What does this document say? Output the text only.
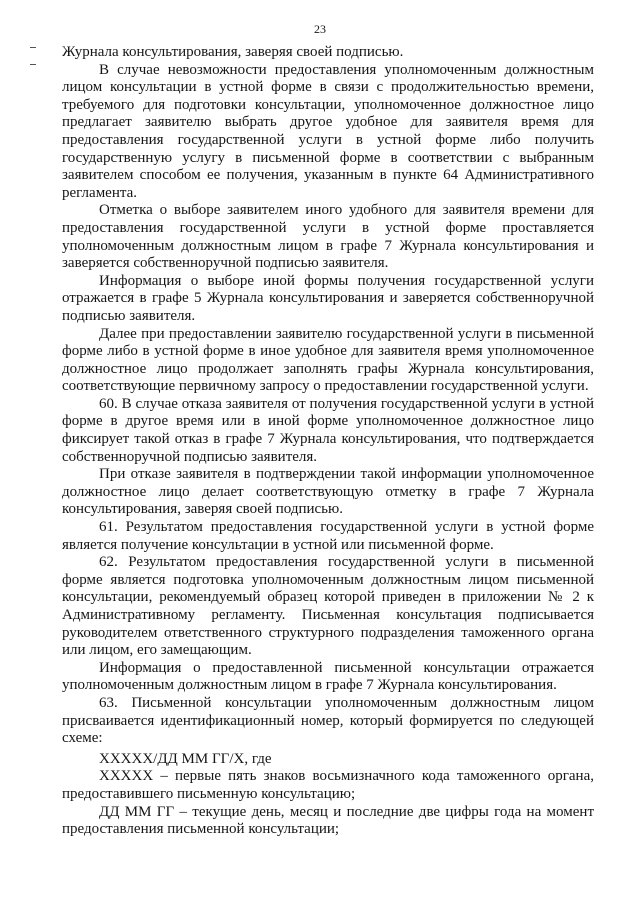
23

Журнала консультирования, заверяя своей подписью.

В случае невозможности предоставления уполномоченным должностным лицом консультации в устной форме в связи с продолжительностью времени, требуемого для подготовки консультации, уполномоченное должностное лицо предлагает заявителю выбрать другое удобное для заявителя время для предоставления государственной услуги в устной форме либо получить государственную услугу в письменной форме в соответствии с выбранным заявителем способом ее получения, указанным в пункте 64 Административного регламента.

Отметка о выборе заявителем иного удобного для заявителя времени для предоставления государственной услуги в устной форме проставляется уполномоченным должностным лицом в графе 7 Журнала консультирования и заверяется собственноручной подписью заявителя.

Информация о выборе иной формы получения государственной услуги отражается в графе 5 Журнала консультирования и заверяется собственноручной подписью заявителя.

Далее при предоставлении заявителю государственной услуги в письменной форме либо в устной форме в иное удобное для заявителя время уполномоченное должностное лицо продолжает заполнять графы Журнала консультирования, соответствующие первичному запросу о предоставлении государственной услуги.

60. В случае отказа заявителя от получения государственной услуги в устной форме в другое время или в иной форме уполномоченное должностное лицо фиксирует такой отказ в графе 7 Журнала консультирования, что подтверждается собственноручной подписью заявителя.

При отказе заявителя в подтверждении такой информации уполномоченное должностное лицо делает соответствующую отметку в графе 7 Журнала консультирования, заверяя своей подписью.

61. Результатом предоставления государственной услуги в устной форме является получение консультации в устной или письменной форме.

62. Результатом предоставления государственной услуги в письменной форме является подготовка уполномоченным должностным лицом письменной консультации, рекомендуемый образец которой приведен в приложении № 2 к Административному регламенту. Письменная консультация подписывается руководителем ответственного структурного подразделения таможенного органа или лицом, его замещающим.

Информация о предоставленной письменной консультации отражается уполномоченным должностным лицом в графе 7 Журнала консультирования.

63. Письменной консультации уполномоченным должностным лицом присваивается идентификационный номер, который формируется по следующей схеме:

ХХХХХ/ДД ММ ГГ/Х, где

ХХХХХ – первые пять знаков восьмизначного кода таможенного органа, предоставившего письменную консультацию;

ДД ММ ГГ – текущие день, месяц и последние две цифры года на момент предоставления письменной консультации;
